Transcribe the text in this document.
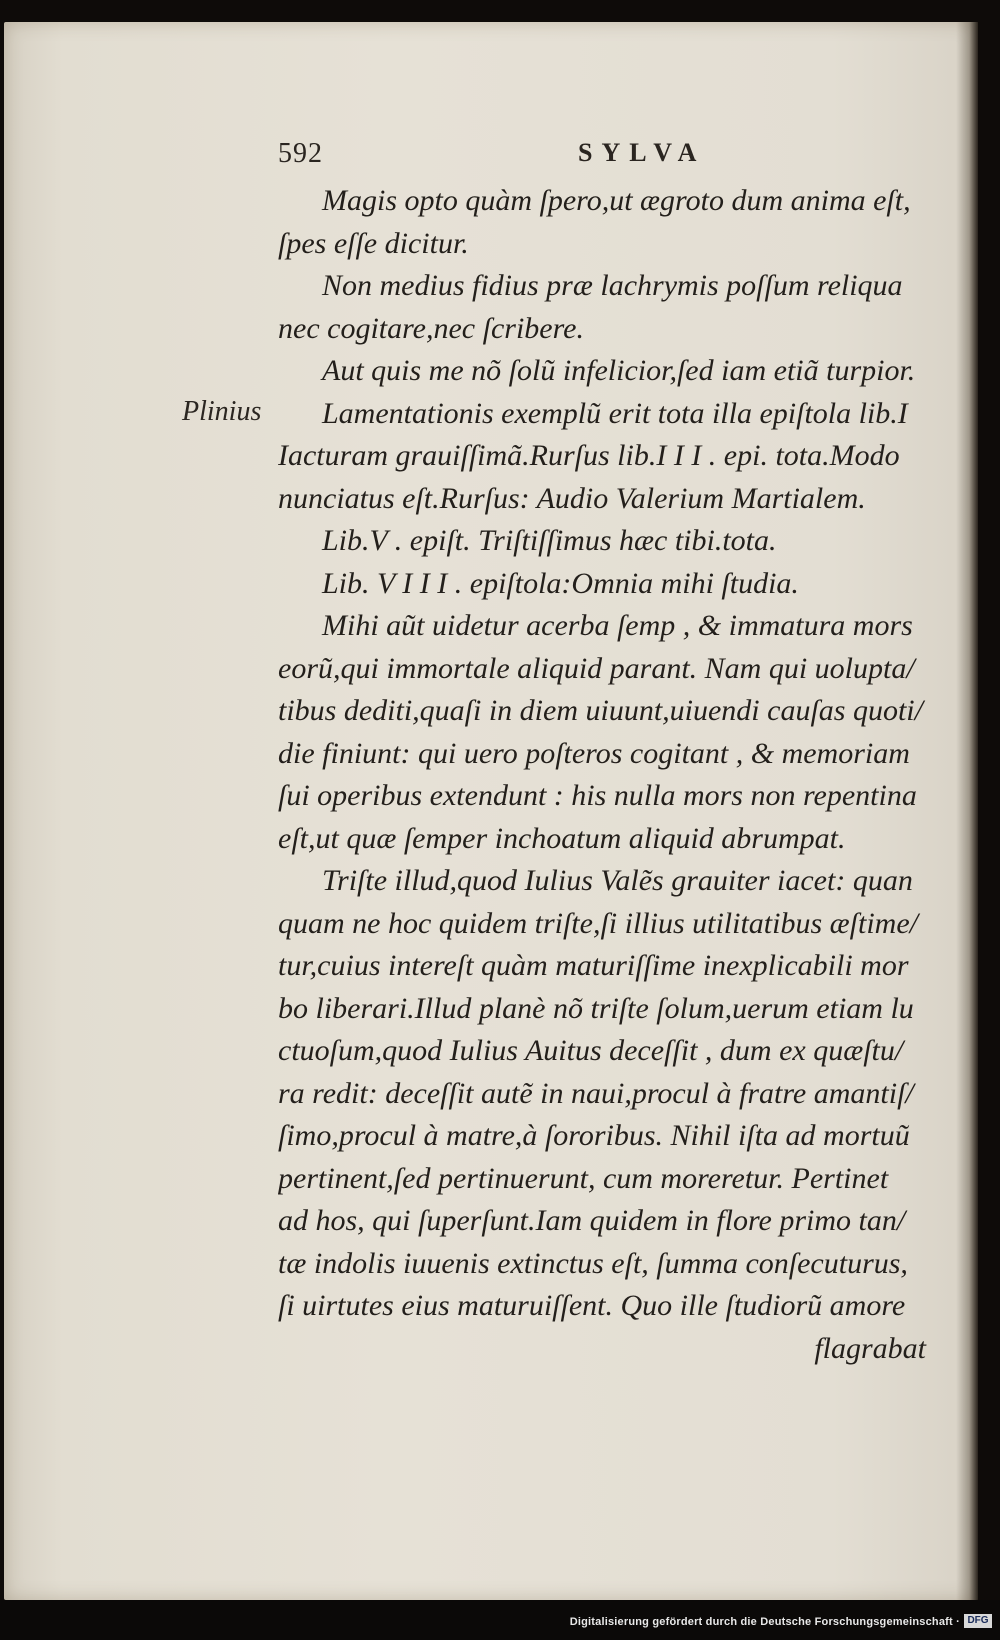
592	SYLVA
Plinius
Magis opto quàm ſpero,ut ægroto dum anima eſt,
ſpes eſſe dicitur.
Non medius fidius præ lachrymis poſſum reliqua
nec cogitare,nec ſcribere.
Aut quis me nõ ſolũ infelicior,ſed iam etiã turpior.
Lamentationis exemplũ erit tota illa epiſtola lib.I
Iacturam grauiſſimã.Rurſus lib.I I I . epi. tota.Modo
nunciatus eſt.Rurſus: Audio Valerium Martialem.
Lib.V . epiſt. Triſtiſſimus hæc tibi.tota.
Lib. V I I I . epiſtola:Omnia mihi ſtudia.
Mihi aũt uidetur acerba ſemp , & immatura mors
eorũ,qui immortale aliquid parant. Nam qui uolupta/
tibus dediti,quaſi in diem uiuunt,uiuendi cauſas quoti/
die finiunt: qui uero poſteros cogitant , & memoriam
ſui operibus extendunt : his nulla mors non repentina
eſt,ut quæ ſemper inchoatum aliquid abrumpat.
Triſte illud,quod Iulius Valẽs grauiter iacet: quan
quam ne hoc quidem triſte,ſi illius utilitatibus æſtime/
tur,cuius intereſt quàm maturiſſime inexplicabili mor
bo liberari.Illud planè nõ triſte ſolum,uerum etiam lu
ctuoſum,quod Iulius Auitus deceſſit , dum ex quæſtu/
ra redit: deceſſit autẽ in naui,procul à fratre amantiſ/
ſimo,procul à matre,à ſororibus. Nihil iſta ad mortuũ
pertinent,ſed pertinuerunt, cum moreretur. Pertinet
ad hos, qui ſuperſunt.Iam quidem in flore primo tan/
tæ indolis iuuenis extinctus eſt, ſumma conſecuturus,
ſi uirtutes eius maturuiſſent. Quo ille ſtudiorũ amore
flagrabat
Digitalisierung gefördert durch die Deutsche Forschungsgemeinschaft · DFG
